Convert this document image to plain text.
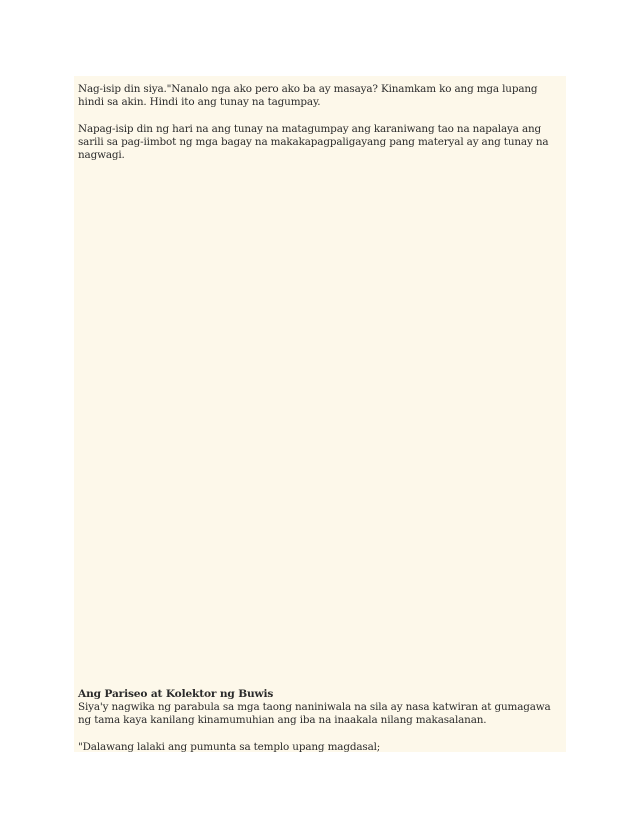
Nag-isip din siya."Nanalo nga ako pero ako ba ay masaya? Kinamkam ko ang mga lupang hindi sa akin. Hindi ito ang tunay na tagumpay.

Napag-isip din ng hari na ang tunay na matagumpay ang karaniwang tao na napalaya ang sarili sa pag-iimbot ng mga bagay na makakapagpaligayang pang materyal ay ang tunay na nagwagi.

Ang Pariseo at Kolektor ng Buwis

Siya'y nagwika ng parabula sa mga taong naniniwala na sila ay nasa katwiran at gumagawa ng tama kaya kanilang kinamumuhian ang iba na inaakala nilang makasalanan.

"Dalawang lalaki ang pumunta sa templo upang magdasal;
